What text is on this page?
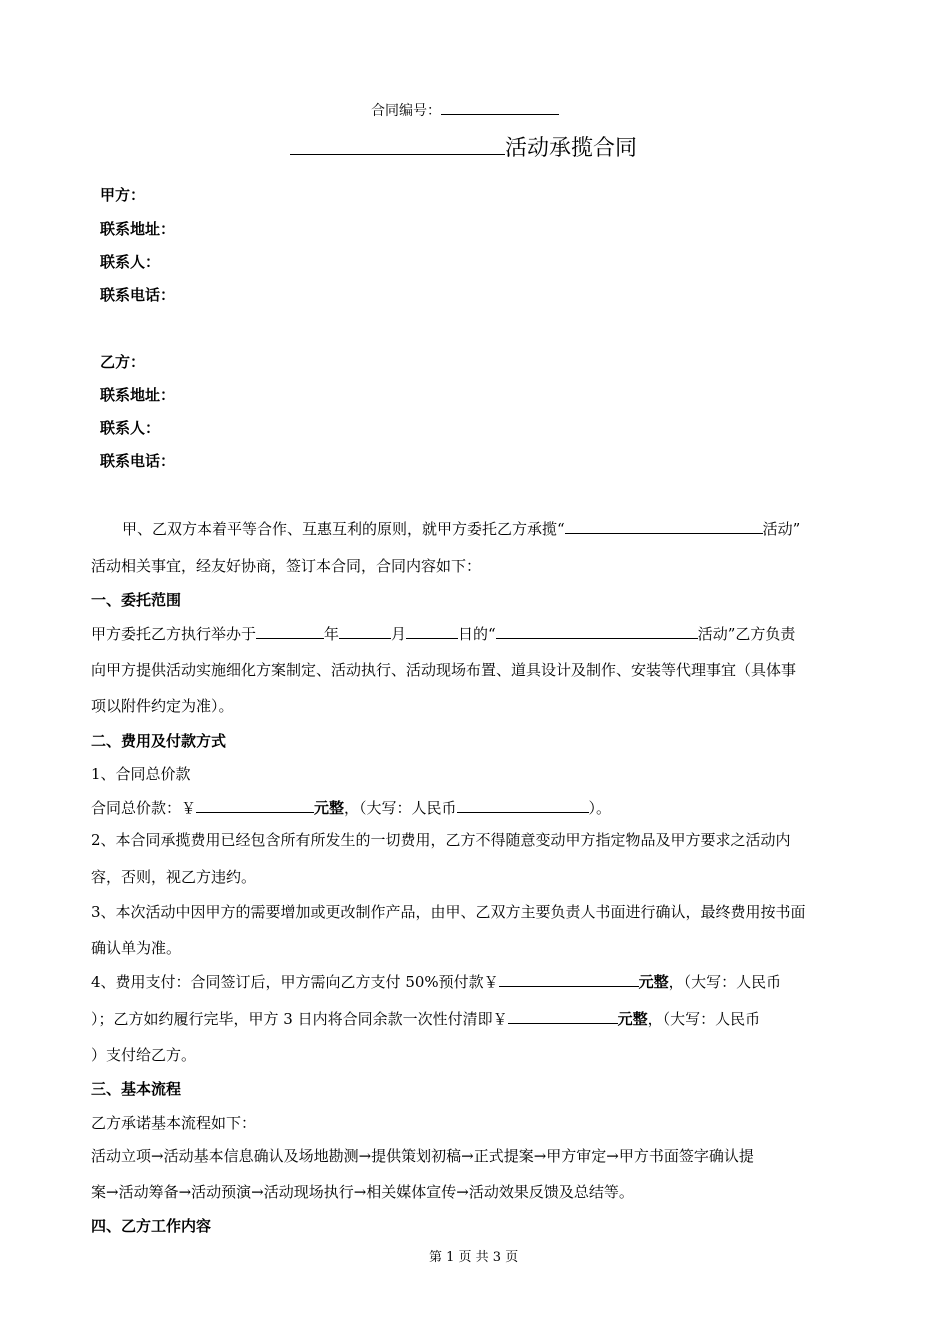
合同编号：
活动承揽合同
甲方：
联系地址：
联系人：
联系电话：
乙方：
联系地址：
联系人：
联系电话：
甲、乙双方本着平等合作、互惠互利的原则，就甲方委托乙方承揽“	活动”
活动相关事宜，经友好协商，签订本合同，合同内容如下：
一、委托范围
甲方委托乙方执行举办于	年	月	日的“	活动”乙方负责
向甲方提供活动实施细化方案制定、活动执行、活动现场布置、道具设计及制作、安装等代理事宜（具体事
项以附件约定为准）。
二、费用及付款方式
1、合同总价款
合同总价款：￥	元整，（大写：人民币	）。
2、本合同承揽费用已经包含所有所发生的一切费用，乙方不得随意变动甲方指定物品及甲方要求之活动内
容，否则，视乙方违约。
3、本次活动中因甲方的需要增加或更改制作产品，由甲、乙双方主要负责人书面进行确认，最终费用按书面
确认单为准。
4、费用支付：合同签订后，甲方需向乙方支付 50%预付款￥	元整，（大写：人民币
）；乙方如约履行完毕，甲方 3 日内将合同余款一次性付清即￥	元整，（大写：人民币
）支付给乙方。
三、基本流程
乙方承诺基本流程如下：
活动立项→活动基本信息确认及场地勘测→提供策划初稿→正式提案→甲方审定→甲方书面签字确认提
案→活动筹备→活动预演→活动现场执行→相关媒体宣传→活动效果反馈及总结等。
四、乙方工作内容
第 1 页 共 3 页
